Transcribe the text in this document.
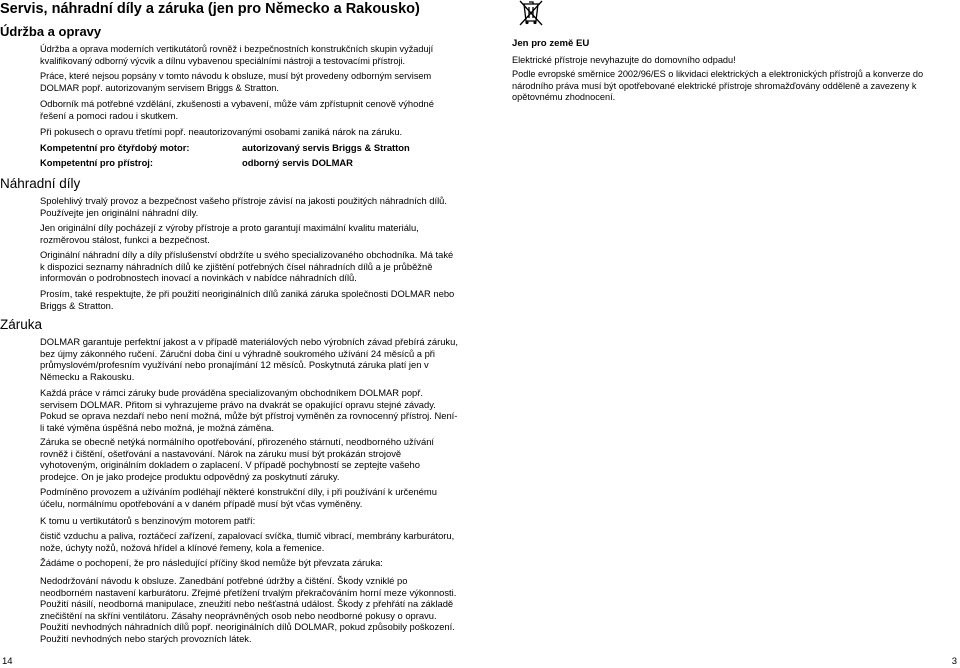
Servis, náhradní díly a záruka (jen pro Německo a Rakousko)
Údržba a opravy

Údržba a oprava moderních vertikutátorů rovněž i bezpečnostních konstrukčních skupin vyžadují kvalifikovaný odborný výcvik a dílnu vybavenou speciálními nástroji a testovacími přístroji.

Práce, které nejsou popsány v tomto návodu k obsluze, musí být provedeny odborným servisem DOLMAR popř. autorizovaným servisem Briggs & Stratton.

Odborník má potřebné vzdělání, zkušenosti a vybavení, může vám zpřístupnit cenově výhodné řešení a pomoci radou i skutkem.

Při pokusech o opravu třetími popř. neautorizovanými osobami zaniká nárok na záruku.

Kompetentní pro čtyřdobý motor:	autorizovaný servis Briggs & Stratton
Kompetentní pro přístroj:	odborný servis DOLMAR
Náhradní díly

Spolehlivý trvalý provoz a bezpečnost vašeho přístroje závisí na jakosti použitých náhradních dílů. Používejte jen originální náhradní díly.

Jen originální díly pocházejí z výroby přístroje a proto garantují maximální kvalitu materiálu, rozměrovou stálost, funkci a bezpečnost.

Originální náhradní díly a díly příslušenství obdržíte u svého specializovaného obchodníka. Má také k dispozici seznamy náhradních dílů ke zjištění potřebných čísel náhradních dílů a je průběžně informován o podrobnostech inovací a novinkách v nabídce náhradních dílů.

Prosím, také respektujte, že při použití neoriginálních dílů zaniká záruka společnosti DOLMAR nebo Briggs & Stratton.

Záruka

DOLMAR garantuje perfektní jakost a v případě materiálových nebo výrobních závad přebírá záruku, bez újmy zákonného ručení. Záruční doba činí u výhradně soukromého užívání 24 měsíců a při průmyslovém/profesním využívání nebo pronajímání 12 měsíců. Poskytnutá záruka platí jen v Německu a Rakousku.

Každá práce v rámci záruky bude prováděna specializovaným obchodníkem DOLMAR popř. servisem DOLMAR. Přitom si vyhrazujeme právo na dvakrát se opakující opravu stejné závady. Pokud se oprava nezdaří nebo není možná, může být přístroj vyměněn za rovnocenný přístroj. Není-li také výměna úspěšná nebo možná, je možná záměna.

Záruka se obecně netýká normálního opotřebování, přirozeného stárnutí, neodborného užívání rovněž i čištění, ošetřování a nastavování. Nárok na záruku musí být prokázán strojově vyhotoveným, originálním dokladem o zaplacení. V případě pochybností se zeptejte vašeho prodejce. On je jako prodejce produktu odpovědný za poskytnutí záruky.

Podmíněno provozem a užíváním podléhají některé konstrukční díly, i při používání k určenému účelu, normálnímu opotřebování a v daném případě musí být včas vyměněny.

K tomu u vertikutátorů s benzinovým motorem patří:

čistič vzduchu a paliva, roztáčecí zařízení, zapalovací svíčka, tlumič vibrací, membrány karburátoru, nože, úchyty nožů, nožová hřídel a klínové řemeny, kola a řemenice.

Žádáme o pochopení, že pro následující příčiny škod nemůže být převzata záruka:

Nedodržování návodu k obsluze. Zanedbání potřebné údržby a čištění. Škody vzniklé po neodborném nastavení karburátoru. Zřejmé přetížení trvalým překračováním horní meze výkonnosti. Použití násilí, neodborná manipulace, zneužití nebo nešťastná událost. Škody z přehřátí na základě znečištění na skříni ventilátoru. Zásahy neoprávněných osob nebo neodborné pokusy o opravu. Použití nevhodných náhradních dílů popř. neoriginálních dílů DOLMAR, pokud způsobily poškození. Použití nevhodných nebo starých provozních látek.

Jen pro země EU

Elektrické přístroje nevyhazujte do domovního odpadu!

Podle evropské směrnice 2002/96/ES o likvidaci elektrických a elektronických přístrojů a konverze do národního práva musí být opotřebované elektrické přístroje shromažďovány odděleně a zavezeny k opětovnému zhodnocení.

14	3
